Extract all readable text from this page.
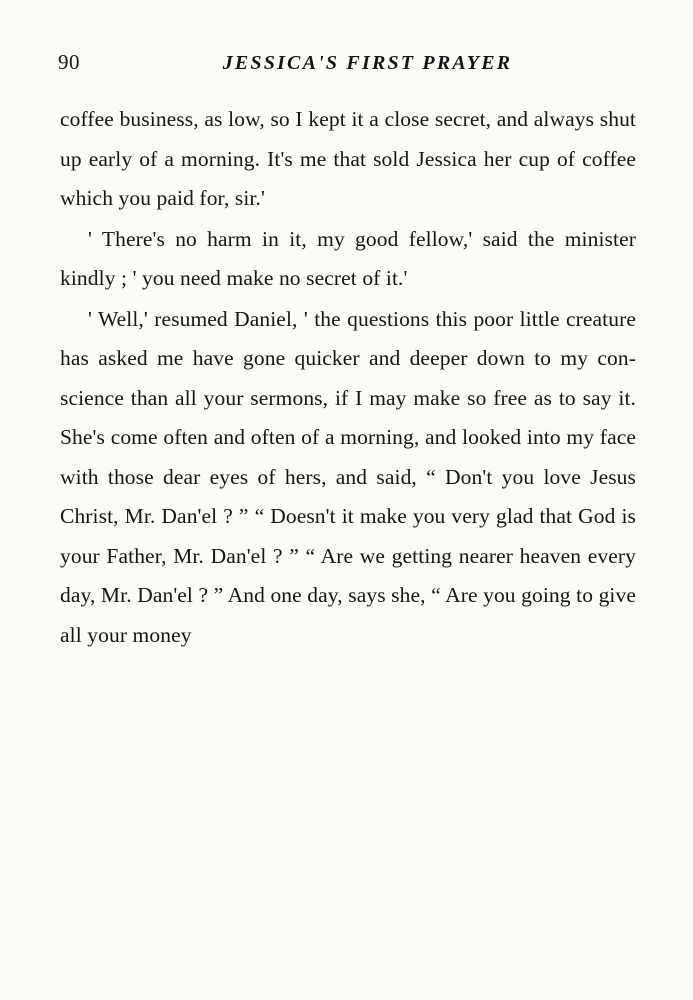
90	JESSICA'S FIRST PRAYER

coffee business, as low, so I kept it a close secret, and always shut up early of a morning. It's me that sold Jessica her cup of coffee which you paid for, sir.'

' There's no harm in it, my good fellow,' said the minister kindly ; ' you need make no secret of it.'

' Well,' resumed Daniel, ' the questions this poor little creature has asked me have gone quicker and deeper down to my con-science than all your sermons, if I may make so free as to say it. She's come often and often of a morning, and looked into my face with those dear eyes of hers, and said, “ Don't you love Jesus Christ, Mr. Dan'el ? ” “ Doesn't it make you very glad that God is your Father, Mr. Dan'el ? ” “ Are we getting nearer heaven every day, Mr. Dan'el ? ” And one day, says she, “ Are you going to give all your money
